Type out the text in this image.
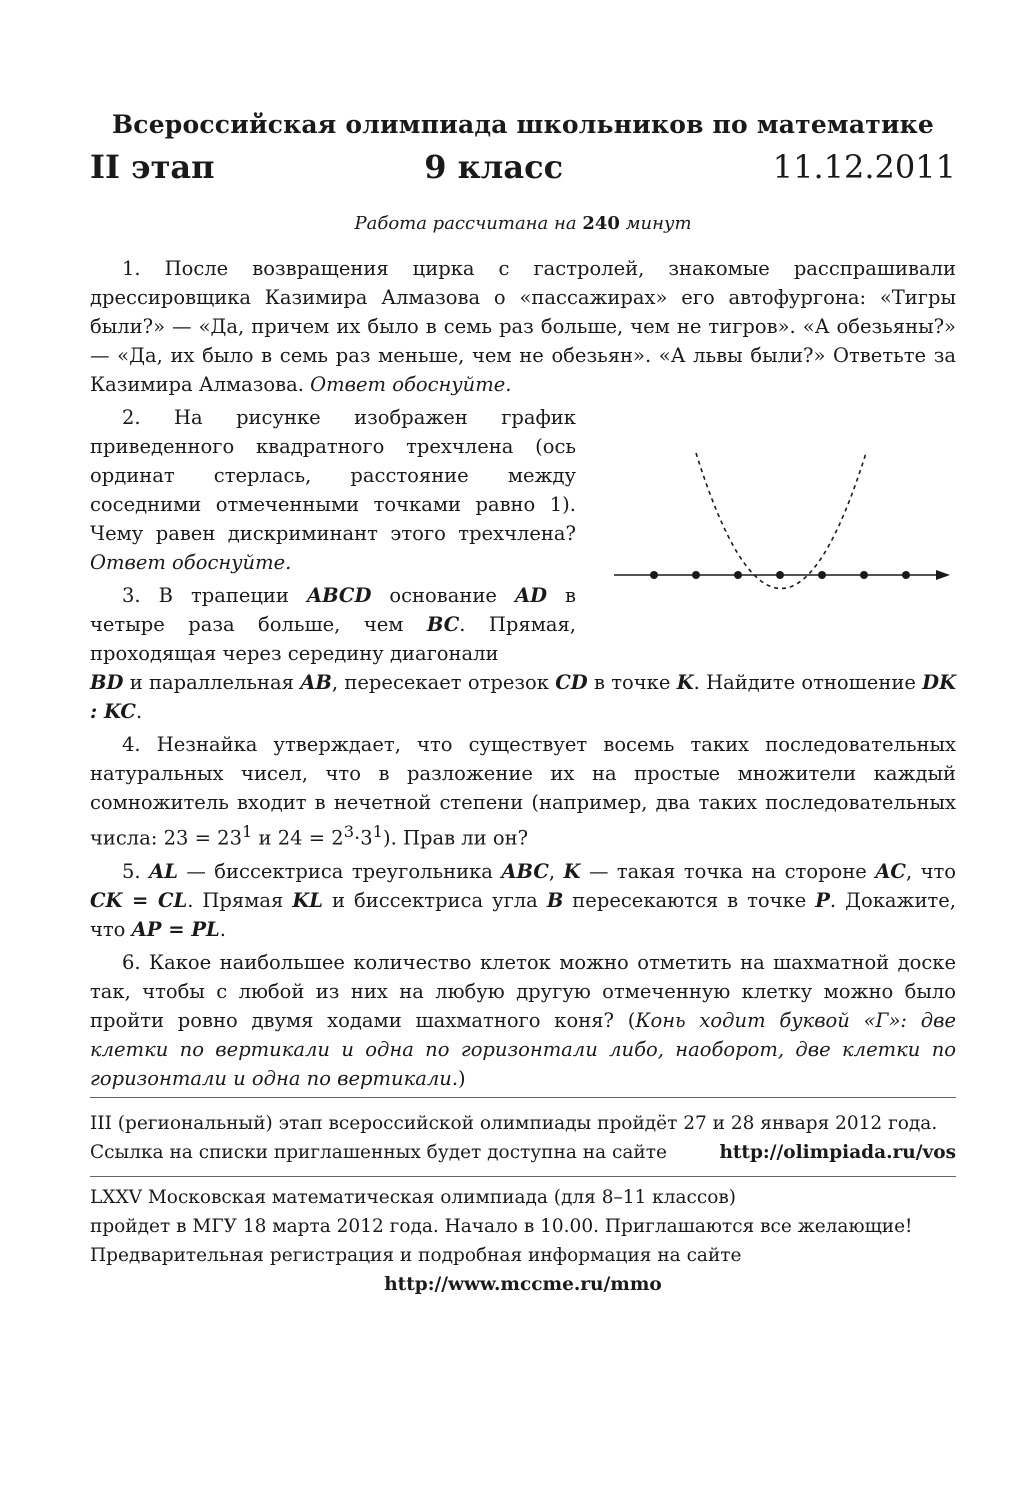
Всероссийская олимпиада школьников по математике
II этап	9 класс	11.12.2011
Работа рассчитана на 240 минут

1. После возвращения цирка с гастролей, знакомые расспрашивали дрессировщика Казимира Алмазова о «пассажирах» его автофургона: «Тигры были?» — «Да, причем их было в семь раз больше, чем не тигров». «А обезьяны?» — «Да, их было в семь раз меньше, чем не обезьян». «А львы были?» Ответьте за Казимира Алмазова. Ответ обоснуйте.

2. На рисунке изображен график приведенного квадратного трехчлена (ось ординат стерлась, расстояние между соседними отмеченными точками равно 1). Чему равен дискриминант этого трехчлена? Ответ обоснуйте.

3. В трапеции ABCD основание AD в четыре раза больше, чем BC. Прямая, проходящая через середину диагонали

BD и параллельная AB, пересекает отрезок CD в точке K. Найдите отношение DK : KC.

4. Незнайка утверждает, что существует восемь таких последовательных натуральных чисел, что в разложение их на простые множители каждый сомножитель входит в нечетной степени (например, два таких последовательных числа: $23 = 23^1$ и $24 = 2^3\cdot 3^1$). Прав ли он?

5. AL — биссектриса треугольника ABC, K — такая точка на стороне AC, что CK = CL. Прямая KL и биссектриса угла B пересекаются в точке P. Докажите, что AP = PL.

6. Какое наибольшее количество клеток можно отметить на шахматной доске так, чтобы с любой из них на любую другую отмеченную клетку можно было пройти ровно двумя ходами шахматного коня? (Конь ходит буквой «Г»: две клетки по вертикали и одна по горизонтали либо, наоборот, две клетки по горизонтали и одна по вертикали.)

III (региональный) этап всероссийской олимпиады пройдёт 27 и 28 января 2012 года.
Ссылка на списки приглашенных будет доступна на сайте	http://olimpiada.ru/vos
LXXV Московская математическая олимпиада (для 8–11 классов)
пройдет в МГУ 18 марта 2012 года. Начало в 10.00. Приглашаются все желающие!
Предварительная регистрация и подробная информация на сайте
http://www.mccme.ru/mmo
